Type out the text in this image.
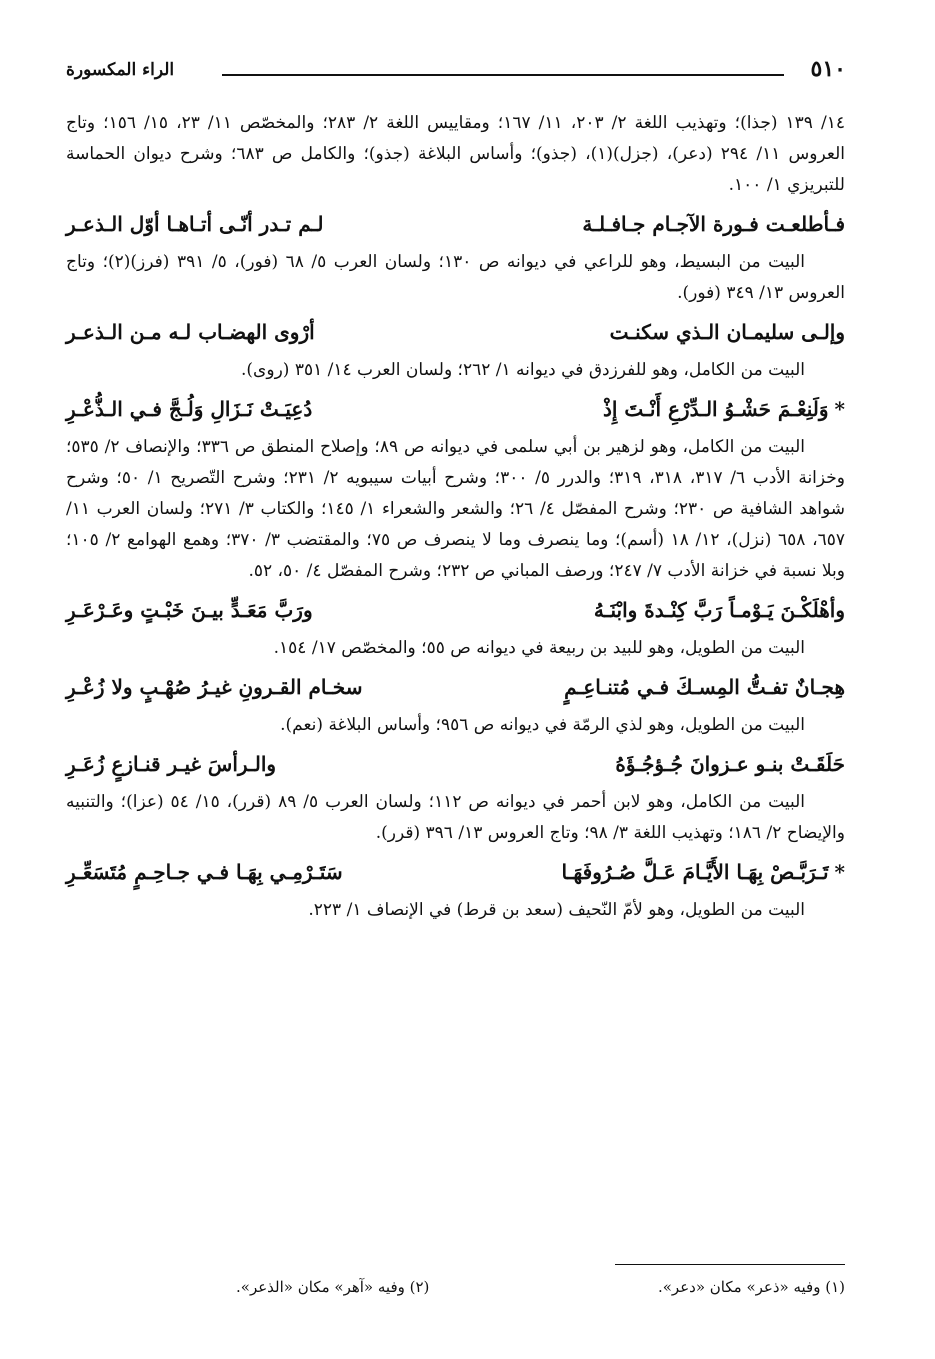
٥١٠
الراء المكسورة

١٤/ ١٣٩ (جذا)؛ وتهذيب اللغة ٢/ ٢٠٣، ١١/ ١٦٧؛ ومقاييس اللغة ٢/ ٢٨٣؛ والمخصّص ١١/ ٢٣، ١٥/ ١٥٦؛ وتاج العروس ١١/ ٢٩٤ (دعر)، (جزل)(١)، (جذو)؛ وأساس البلاغة (جذو)؛ والكامل ص ٦٨٣؛ وشرح ديوان الحماسة للتبريزي ١/ ١٠٠.

فـأطلعـت فـورة الآجـام جـافـلـة
لـم تـدر أنّـى أتـاهـا أوّل الـذعـر

البيت من البسيط، وهو للراعي في ديوانه ص ١٣٠؛ ولسان العرب ٥/ ٦٨ (فور)، ٥/ ٣٩١ (فرز)(٢)؛ وتاج العروس ١٣/ ٣٤٩ (فور).

وإلـى سليمـان الـذي سكنـت
أرْوى الهضـاب لـه مـن الـذعـر

البيت من الكامل، وهو للفرزدق في ديوانه ١/ ٢٦٢؛ ولسان العرب ١٤/ ٣٥١ (روى).

*وَلَنِعْـمَ حَشْـوُ الـدِّرْعِ أَنْـتَ إِذْ
دُعِيَـتْ نَـزَالِ وَلُـجَّ فـي الـذُّعْـرِ

البيت من الكامل، وهو لزهير بن أبي سلمى في ديوانه ص ٨٩؛ وإصلاح المنطق ص ٣٣٦؛ والإنصاف ٢/ ٥٣٥؛ وخزانة الأدب ٦/ ٣١٧، ٣١٨، ٣١٩؛ والدرر ٥/ ٣٠٠؛ وشرح أبيات سيبويه ٢/ ٢٣١؛ وشرح التّصريح ١/ ٥٠؛ وشرح شواهد الشافية ص ٢٣٠؛ وشرح المفصّل ٤/ ٢٦؛ والشعر والشعراء ١/ ١٤٥؛ والكتاب ٣/ ٢٧١؛ ولسان العرب ١١/ ٦٥٧، ٦٥٨ (نزل)، ١٢/ ١٨ (أسم)؛ وما ينصرف وما لا ينصرف ص ٧٥؛ والمقتضب ٣/ ٣٧٠؛ وهمع الهوامع ٢/ ١٠٥؛ وبلا نسبة في خزانة الأدب ٧/ ٢٤٧؛ ورصف المباني ص ٢٣٢؛ وشرح المفصّل ٤/ ٥٠، ٥٢.

وأهْلَكْـنَ يَـوْمـاً رَبَّ كِنْـدةَ وابْنَـهُ
ورَبَّ مَعَـدٍّ بيـنَ خَبْـتٍ وعَـرْعَـرِ

البيت من الطويل، وهو للبيد بن ربيعة في ديوانه ص ٥٥؛ والمخصّص ١٧/ ١٥٤.

هِجـانٌ تفـتُّ المِسـكَ فـي مُتنـاعِـمٍ
سخـام القـرونِ غيـرُ صُهْـبٍ ولا زُعْـرِ

البيت من الطويل، وهو لذي الرمّة في ديوانه ص ٩٥٦؛ وأساس البلاغة (نعم).

حَلَقَـتْ بنـو عـزوانَ جُـؤجُـؤَهُ
والـرأسَ غيـر قنـازعٍ زُعَـرِ

البيت من الكامل، وهو لابن أحمر في ديوانه ص ١١٢؛ ولسان العرب ٥/ ٨٩ (قرر)، ١٥/ ٥٤ (عزا)؛ والتنبيه والإيضاح ٢/ ١٨٦؛ وتهذيب اللغة ٣/ ٩٨؛ وتاج العروس ١٣/ ٣٩٦ (قرر).

*تَـرَبَّـصْ بِهَـا الأَيَّـامَ عَـلَّ صُـرُوفَهَـا
سَتَـرْمِـي بِهَـا فـي جـاحِـمٍ مُتَسَعِّـرِ

البيت من الطويل، وهو لأمّ النّحيف (سعد بن قرط) في الإنصاف ١/ ٢٢٣.

(١) وفيه «ذعر» مكان «دعر».
(٢) وفيه «آهر» مكان «الذعر».
